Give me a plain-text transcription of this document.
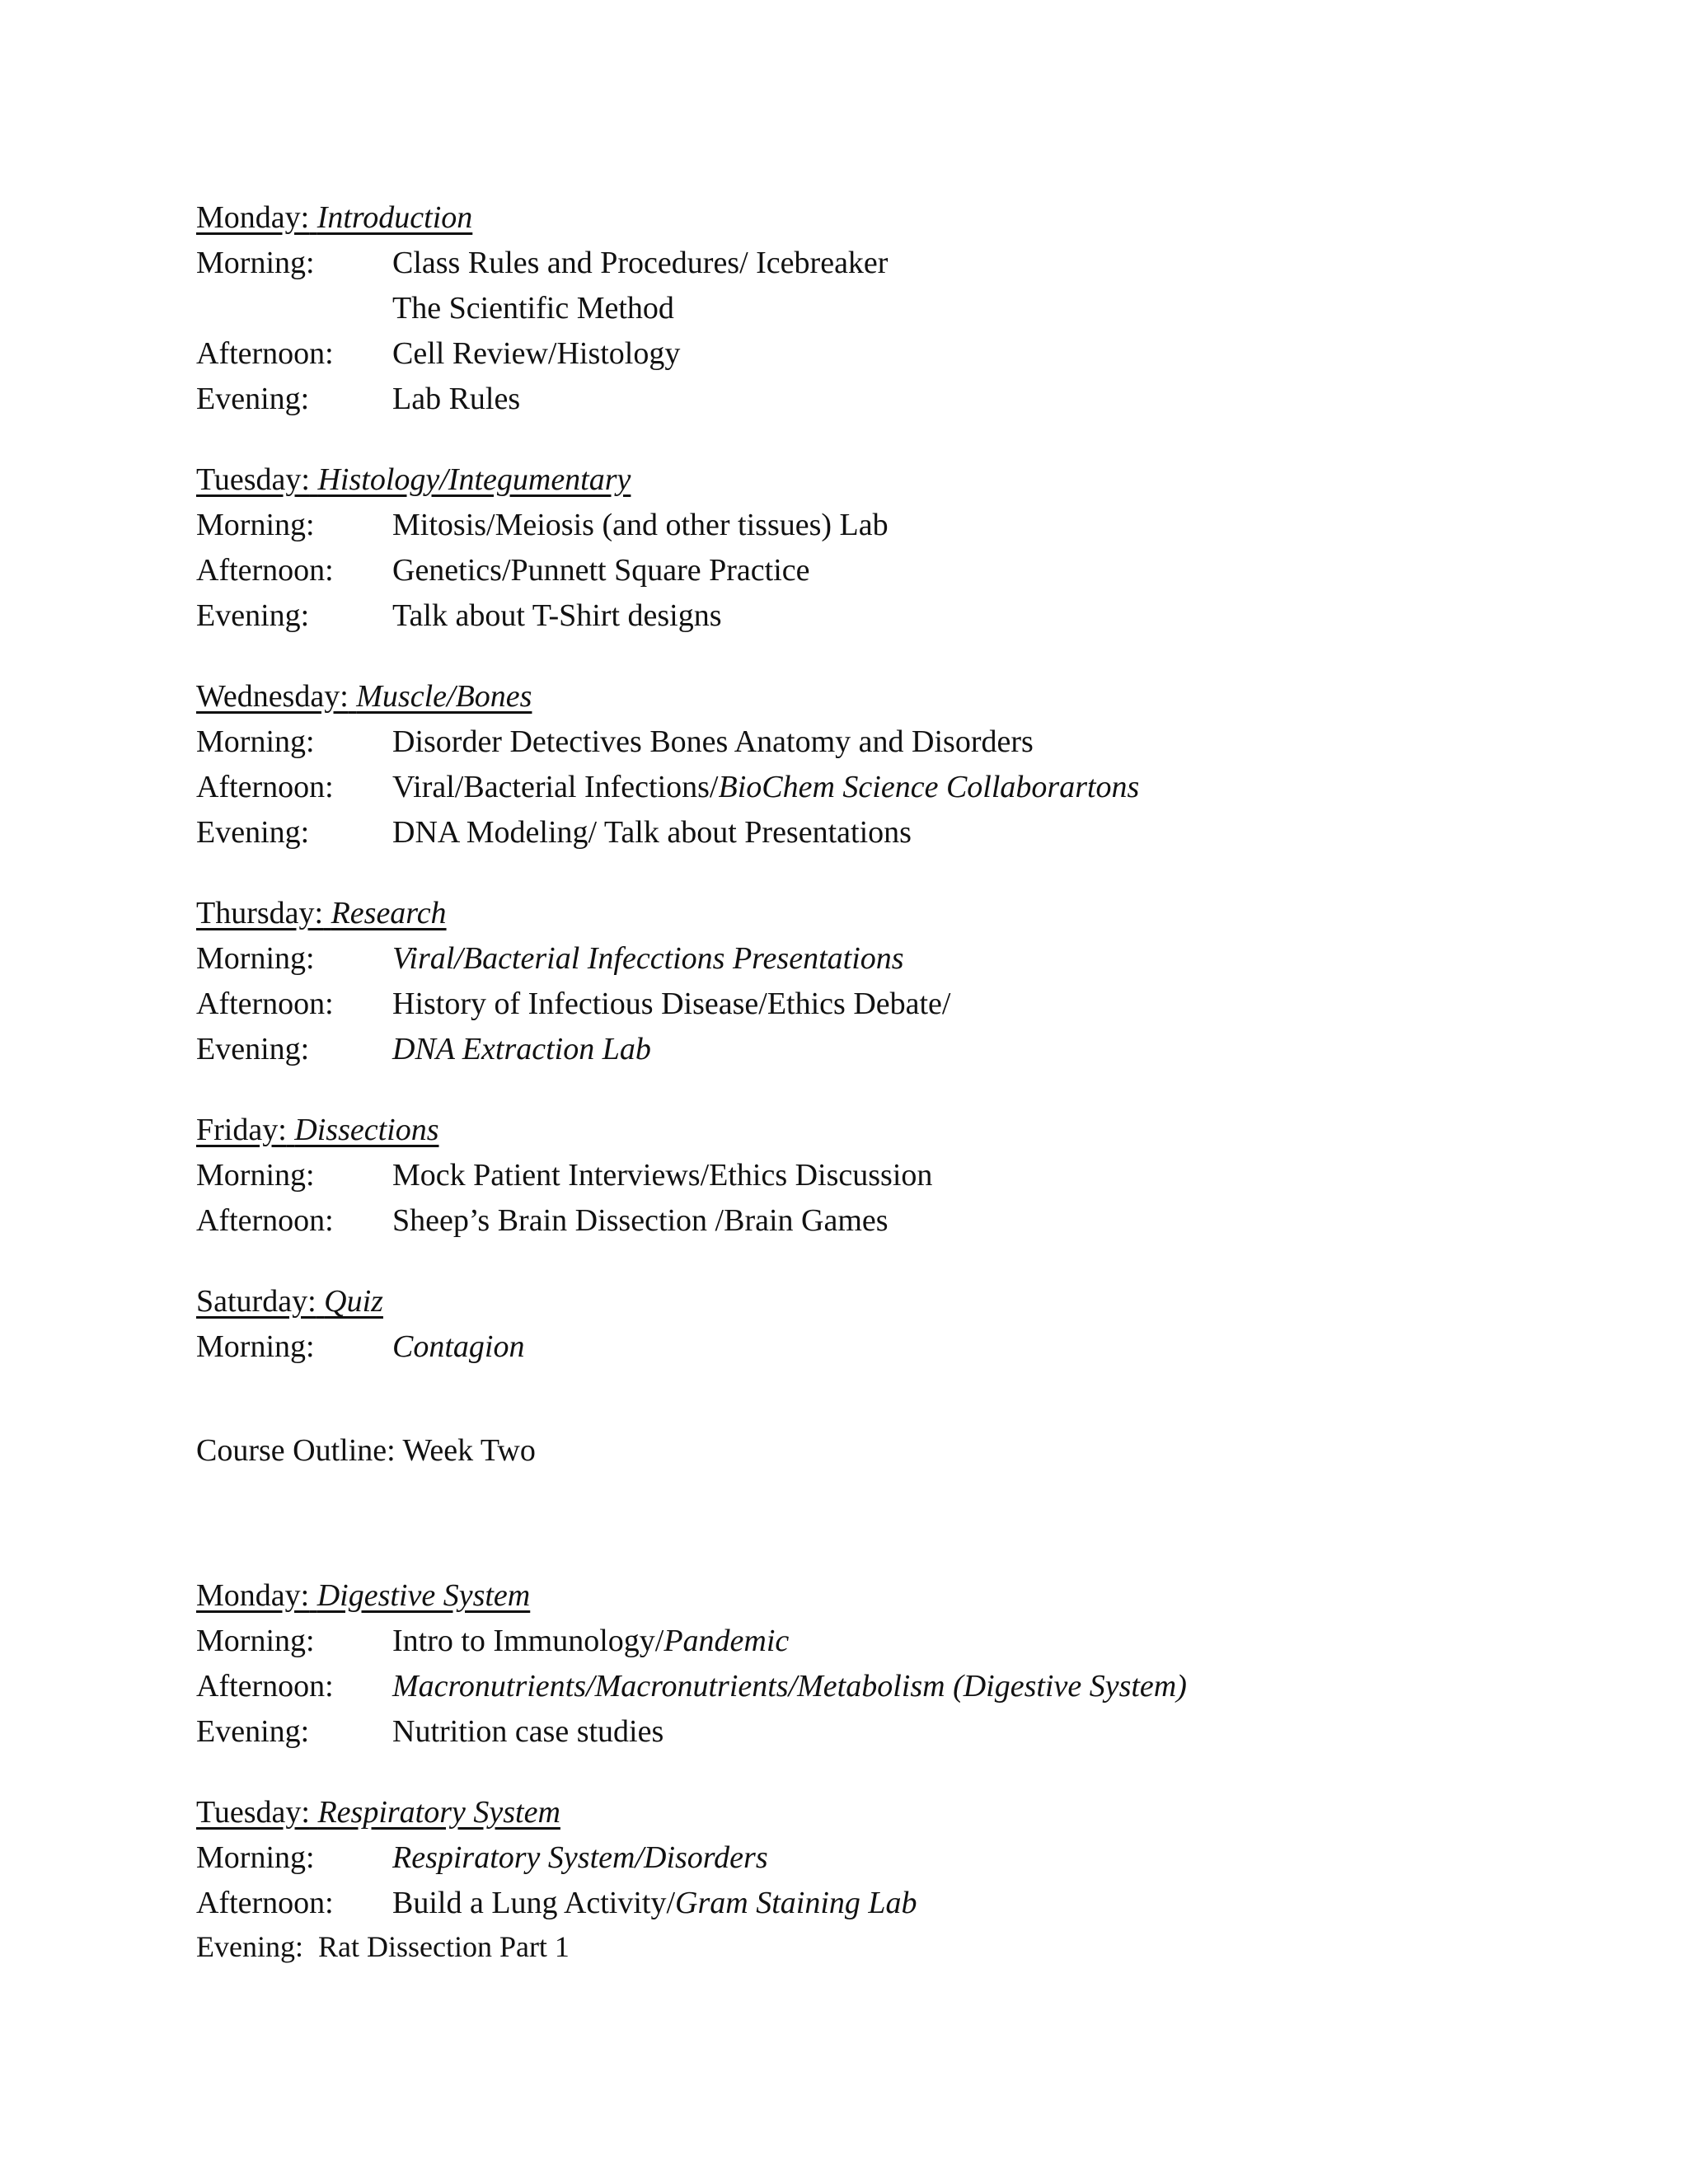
Monday: Introduction
Morning:	Class Rules and Procedures/ Icebreaker
The Scientific Method
Afternoon:	Cell Review/Histology
Evening:	Lab Rules
Tuesday: Histology/Integumentary
Morning:	Mitosis/Meiosis (and other tissues) Lab
Afternoon:	Genetics/Punnett Square Practice
Evening:	Talk about T-Shirt designs
Wednesday: Muscle/Bones
Morning:	Disorder Detectives Bones Anatomy and Disorders
Afternoon:	Viral/Bacterial Infections/BioChem Science Collaborartons
Evening:	DNA Modeling/ Talk about Presentations
Thursday: Research
Morning:	Viral/Bacterial Infecctions Presentations
Afternoon:	History of Infectious Disease/Ethics Debate/
Evening:	DNA Extraction Lab
Friday: Dissections
Morning:	Mock Patient Interviews/Ethics Discussion
Afternoon:	Sheep’s Brain Dissection /Brain Games
Saturday: Quiz
Morning:	Contagion
Course Outline: Week Two
Monday: Digestive System
Morning:	Intro to Immunology/Pandemic
Afternoon:	Macronutrients/Macronutrients/Metabolism (Digestive System)
Evening:	Nutrition case studies
Tuesday: Respiratory System
Morning:	Respiratory System/Disorders
Afternoon:	Build a Lung Activity/Gram Staining Lab
Evening:  Rat Dissection Part 1
